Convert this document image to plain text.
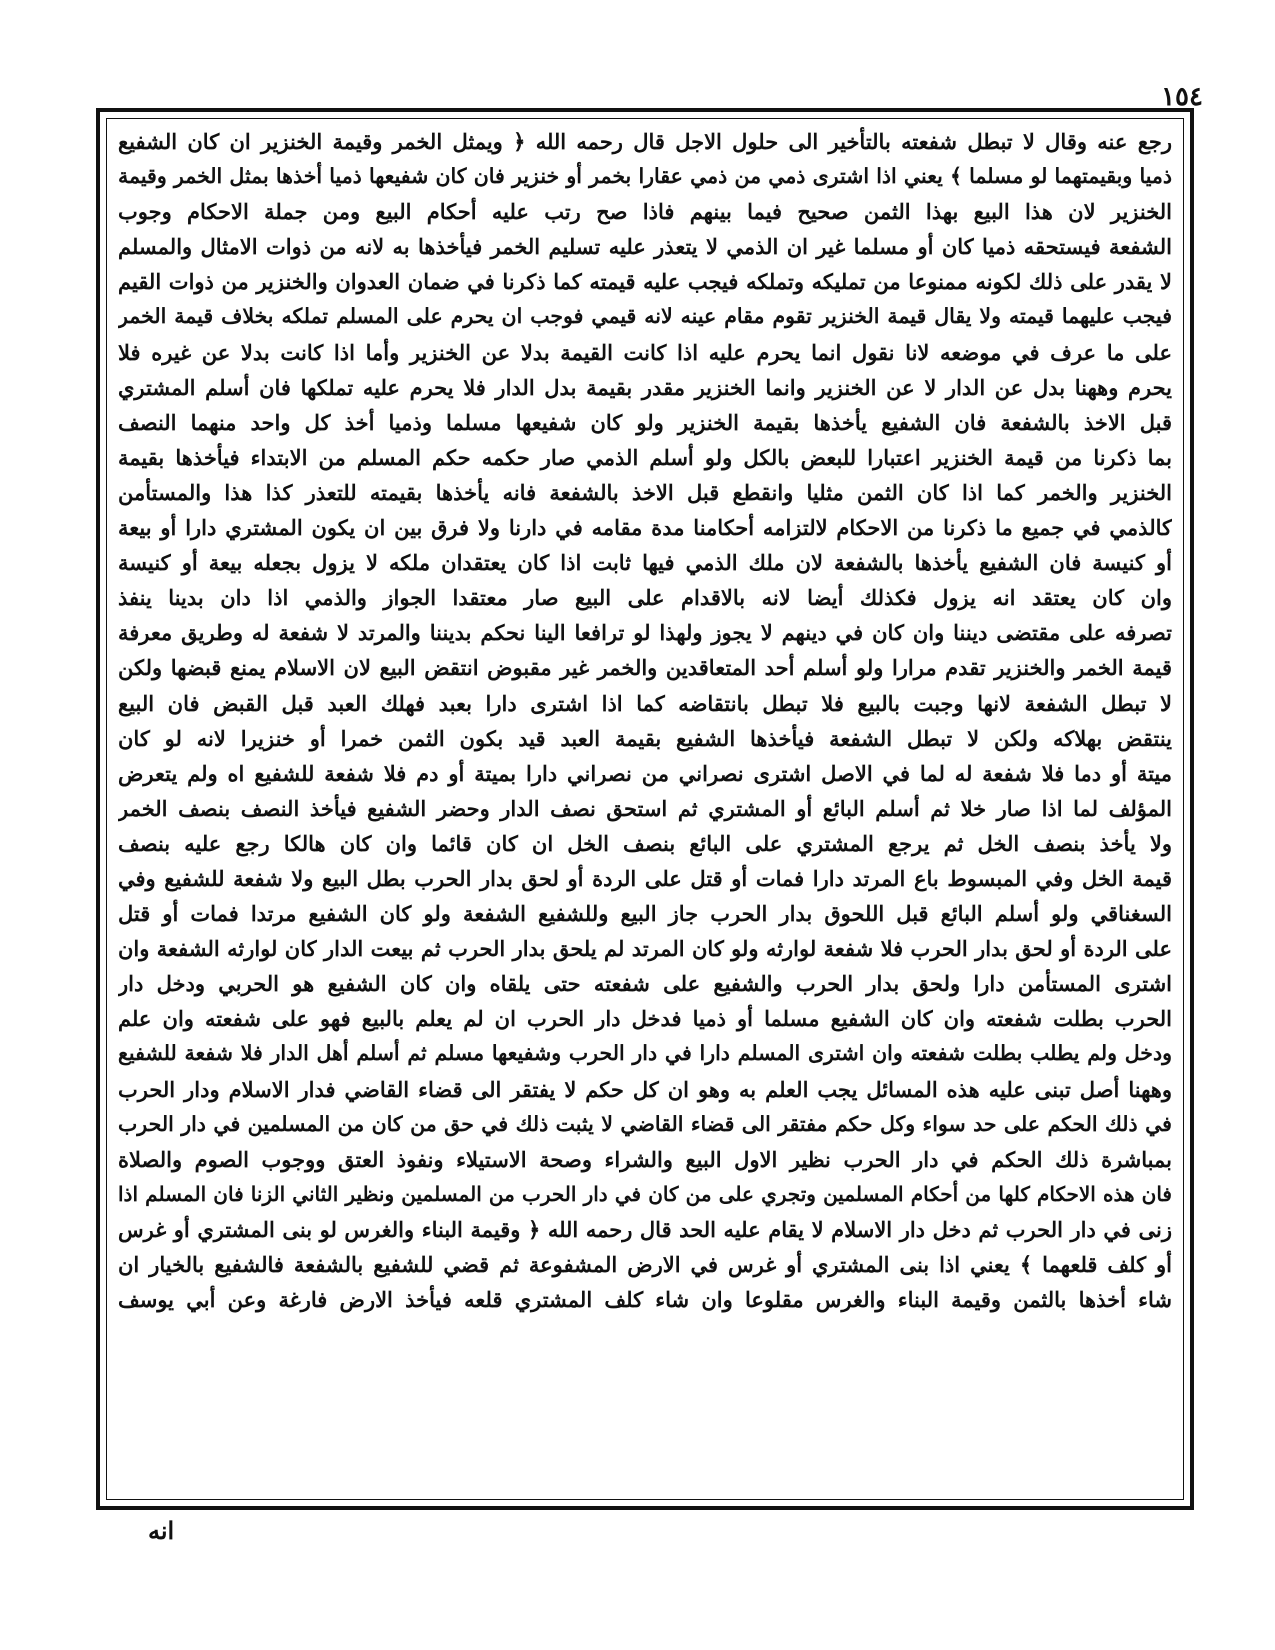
١٥٤
رجع عنه وقال لا تبطل شفعته بالتأخير الى حلول الاجل قال رحمه الله ﴿ ويمثل الخمر وقيمة الخنزير ان كان الشفيع
ذميا وبقيمتهما لو مسلما ﴾ يعني اذا اشترى ذمي من ذمي عقارا بخمر أو خنزير فان كان شفيعها ذميا أخذها بمثل الخمر وقيمة
الخنزير لان هذا البيع بهذا الثمن صحيح فيما بينهم فاذا صح رتب عليه أحكام البيع ومن جملة الاحكام وجوب
الشفعة فيستحقه ذميا كان أو مسلما غير ان الذمي لا يتعذر عليه تسليم الخمر فيأخذها به لانه من ذوات الامثال والمسلم
لا يقدر على ذلك لكونه ممنوعا من تمليكه وتملكه فيجب عليه قيمته كما ذكرنا في ضمان العدوان والخنزير من ذوات القيم
فيجب عليهما قيمته ولا يقال قيمة الخنزير تقوم مقام عينه لانه قيمي فوجب ان يحرم على المسلم تملكه بخلاف قيمة الخمر
على ما عرف في موضعه لانا نقول انما يحرم عليه اذا كانت القيمة بدلا عن الخنزير وأما اذا كانت بدلا عن غيره فلا
يحرم وههنا بدل عن الدار لا عن الخنزير وانما الخنزير مقدر بقيمة بدل الدار فلا يحرم عليه تملكها فان أسلم المشتري
قبل الاخذ بالشفعة فان الشفيع يأخذها بقيمة الخنزير ولو كان شفيعها مسلما وذميا أخذ كل واحد منهما النصف
بما ذكرنا من قيمة الخنزير اعتبارا للبعض بالكل ولو أسلم الذمي صار حكمه حكم المسلم من الابتداء فيأخذها بقيمة
الخنزير والخمر كما اذا كان الثمن مثليا وانقطع قبل الاخذ بالشفعة فانه يأخذها بقيمته للتعذر كذا هذا والمستأمن
كالذمي في جميع ما ذكرنا من الاحكام لالتزامه أحكامنا مدة مقامه في دارنا ولا فرق بين ان يكون المشتري دارا أو بيعة
أو كنيسة فان الشفيع يأخذها بالشفعة لان ملك الذمي فيها ثابت اذا كان يعتقدان ملكه لا يزول بجعله بيعة أو كنيسة
وان كان يعتقد انه يزول فكذلك أيضا لانه بالاقدام على البيع صار معتقدا الجواز والذمي اذا دان بدينا ينفذ
تصرفه على مقتضى ديننا وان كان في دينهم لا يجوز ولهذا لو ترافعا الينا نحكم بديننا والمرتد لا شفعة له وطريق معرفة
قيمة الخمر والخنزير تقدم مرارا ولو أسلم أحد المتعاقدين والخمر غير مقبوض انتقض البيع لان الاسلام يمنع قبضها ولكن
لا تبطل الشفعة لانها وجبت بالبيع فلا تبطل بانتقاضه كما اذا اشترى دارا بعبد فهلك العبد قبل القبض فان البيع
ينتقض بهلاكه ولكن لا تبطل الشفعة فيأخذها الشفيع بقيمة العبد قيد بكون الثمن خمرا أو خنزيرا لانه لو كان
ميتة أو دما فلا شفعة له لما في الاصل اشترى نصراني من نصراني دارا بميتة أو دم فلا شفعة للشفيع اه ولم يتعرض
المؤلف لما اذا صار خلا ثم أسلم البائع أو المشتري ثم استحق نصف الدار وحضر الشفيع فيأخذ النصف بنصف الخمر
ولا يأخذ بنصف الخل ثم يرجع المشتري على البائع بنصف الخل ان كان قائما وان كان هالكا رجع عليه بنصف
قيمة الخل وفي المبسوط باع المرتد دارا فمات أو قتل على الردة أو لحق بدار الحرب بطل البيع ولا شفعة للشفيع وفي
السغناقي ولو أسلم البائع قبل اللحوق بدار الحرب جاز البيع وللشفيع الشفعة ولو كان الشفيع مرتدا فمات أو قتل
على الردة أو لحق بدار الحرب فلا شفعة لوارثه ولو كان المرتد لم يلحق بدار الحرب ثم بيعت الدار كان لوارثه الشفعة وان
اشترى المستأمن دارا ولحق بدار الحرب والشفيع على شفعته حتى يلقاه وان كان الشفيع هو الحربي ودخل دار
الحرب بطلت شفعته وان كان الشفيع مسلما أو ذميا فدخل دار الحرب ان لم يعلم بالبيع فهو على شفعته وان علم
ودخل ولم يطلب بطلت شفعته وان اشترى المسلم دارا في دار الحرب وشفيعها مسلم ثم أسلم أهل الدار فلا شفعة للشفيع
وههنا أصل تبنى عليه هذه المسائل يجب العلم به وهو ان كل حكم لا يفتقر الى قضاء القاضي فدار الاسلام ودار الحرب
في ذلك الحكم على حد سواء وكل حكم مفتقر الى قضاء القاضي لا يثبت ذلك في حق من كان من المسلمين في دار الحرب
بمباشرة ذلك الحكم في دار الحرب نظير الاول البيع والشراء وصحة الاستيلاء ونفوذ العتق ووجوب الصوم والصلاة
فان هذه الاحكام كلها من أحكام المسلمين وتجري على من كان في دار الحرب من المسلمين ونظير الثاني الزنا فان المسلم اذا
زنى في دار الحرب ثم دخل دار الاسلام لا يقام عليه الحد قال رحمه الله ﴿ وقيمة البناء والغرس لو بنى المشتري أو غرس
أو كلف قلعهما ﴾ يعني اذا بنى المشتري أو غرس في الارض المشفوعة ثم قضي للشفيع بالشفعة فالشفيع بالخيار ان
شاء أخذها بالثمن وقيمة البناء والغرس مقلوعا وان شاء كلف المشتري قلعه فيأخذ الارض فارغة وعن أبي يوسف
انه
